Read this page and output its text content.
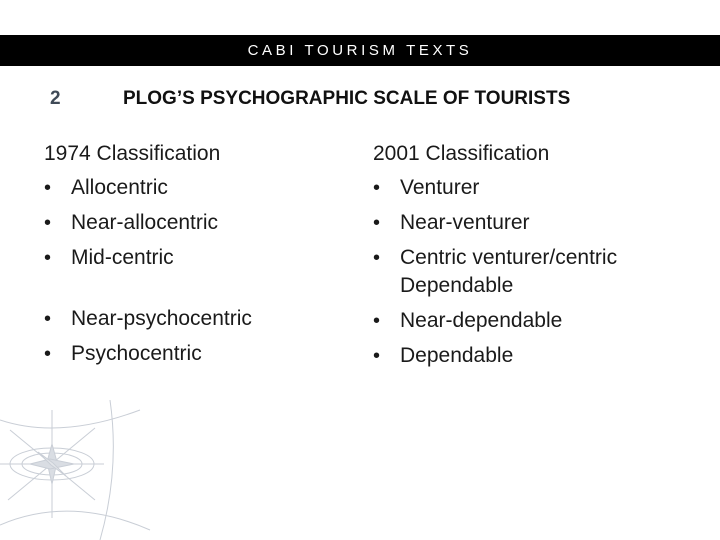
CABI TOURISM TEXTS
2	PLOG’S PSYCHOGRAPHIC SCALE OF TOURISTS
1974 Classification
• Allocentric
• Near-allocentric
• Mid-centric
• Near-psychocentric
• Psychocentric
2001 Classification
• Venturer
• Near-venturer
• Centric venturer/centric
Dependable
• Near-dependable
• Dependable
